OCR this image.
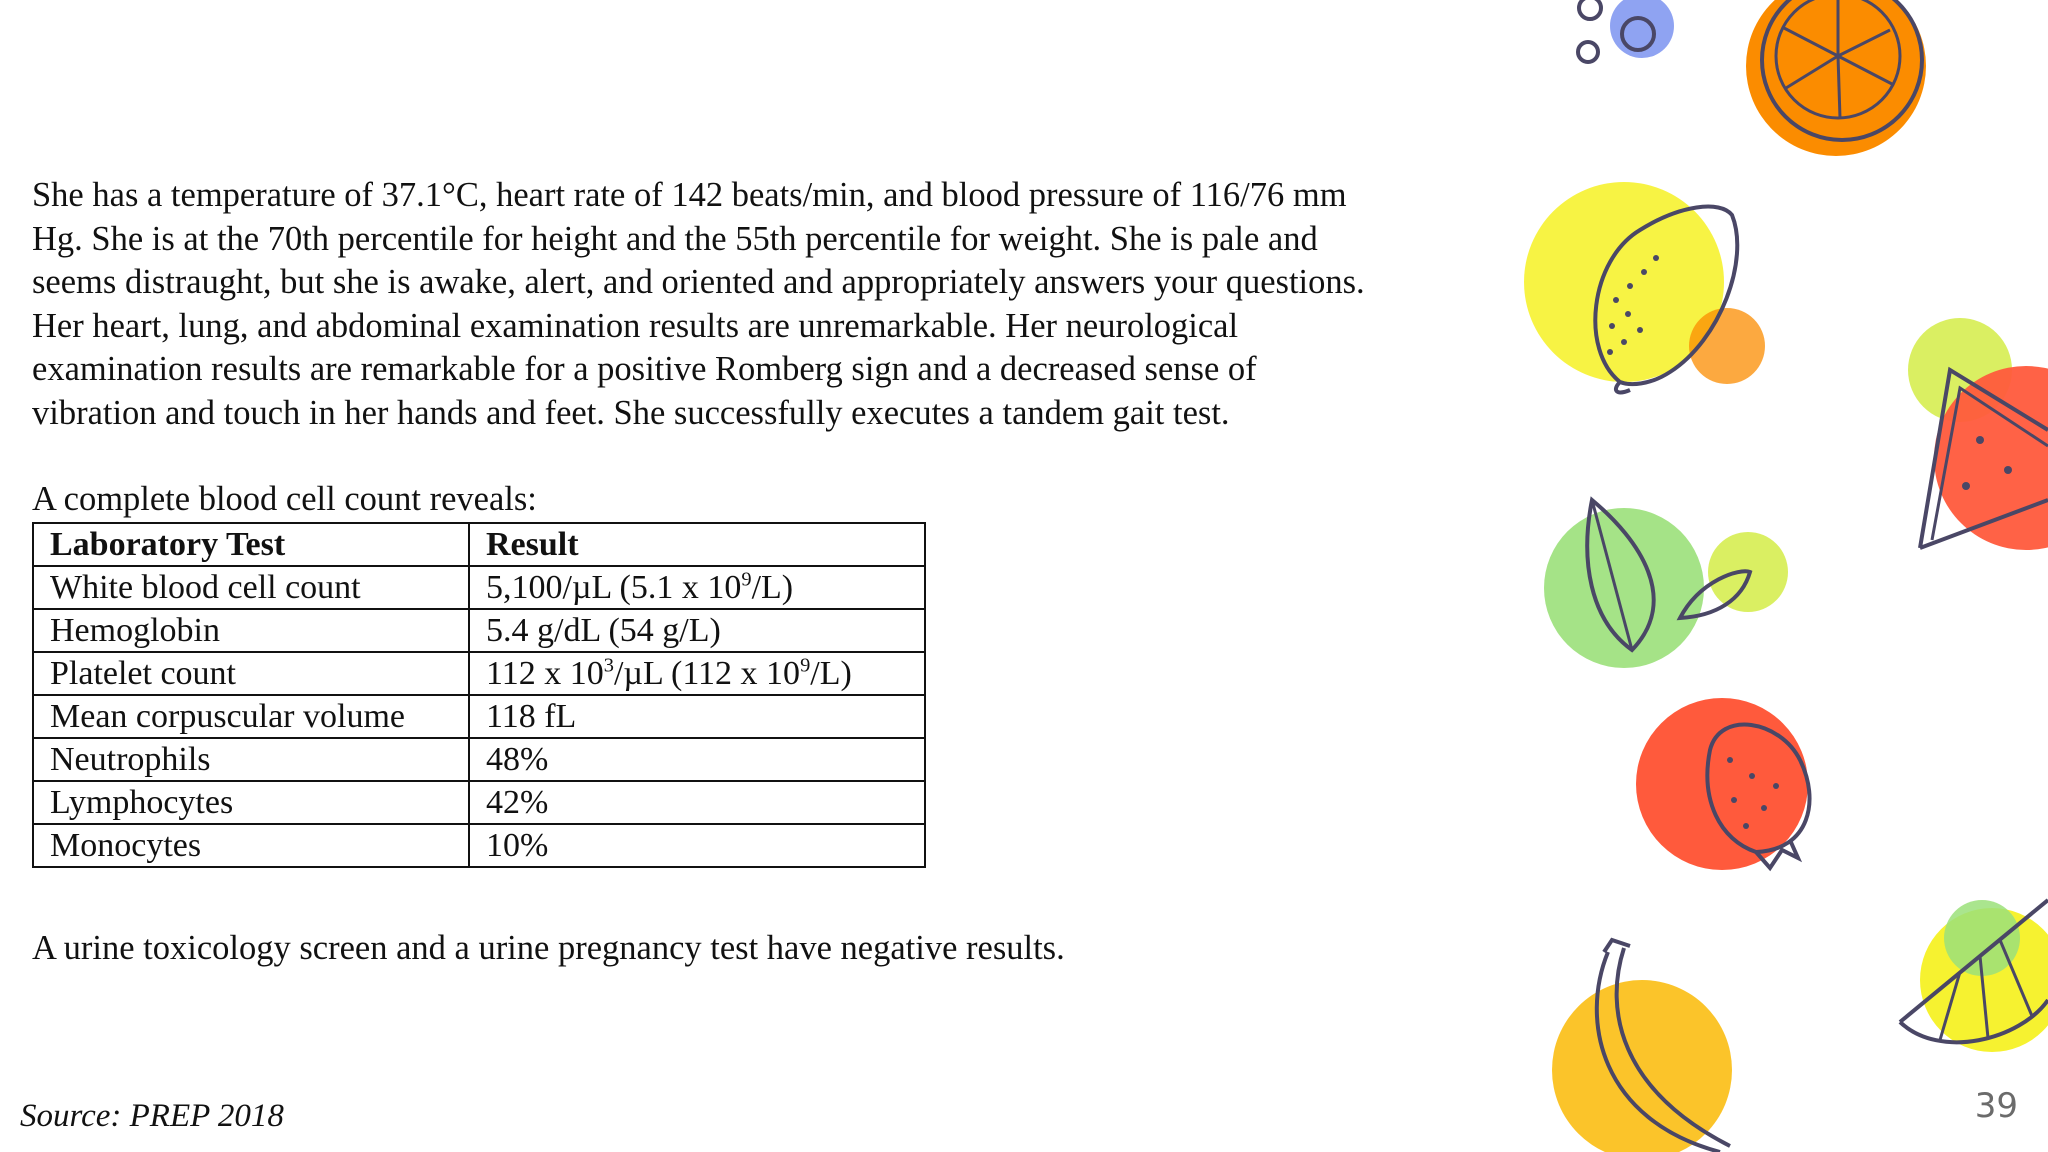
She has a temperature of 37.1°C, heart rate of 142 beats/min, and blood pressure of 116/76 mm
Hg. She is at the 70th percentile for height and the 55th percentile for weight. She is pale and
seems distraught, but she is awake, alert, and oriented and appropriately answers your questions.
Her heart, lung, and abdominal examination results are unremarkable. Her neurological
examination results are remarkable for a positive Romberg sign and a decreased sense of
vibration and touch in her hands and feet. She successfully executes a tandem gait test.

A complete blood cell count reveals:

Laboratory Test	Result
White blood cell count	5,100/µL (5.1 x $10^9/L$)
Hemoglobin	5.4 g/dL (54 g/L)
Platelet count	112 x $10^3/\mu L$ (112 x $10^9/L$)
Mean corpuscular volume	118 fL
Neutrophils	48%
Lymphocytes	42%
Monocytes	10%

A urine toxicology screen and a urine pregnancy test have negative results.

Source: PREP 2018	39
